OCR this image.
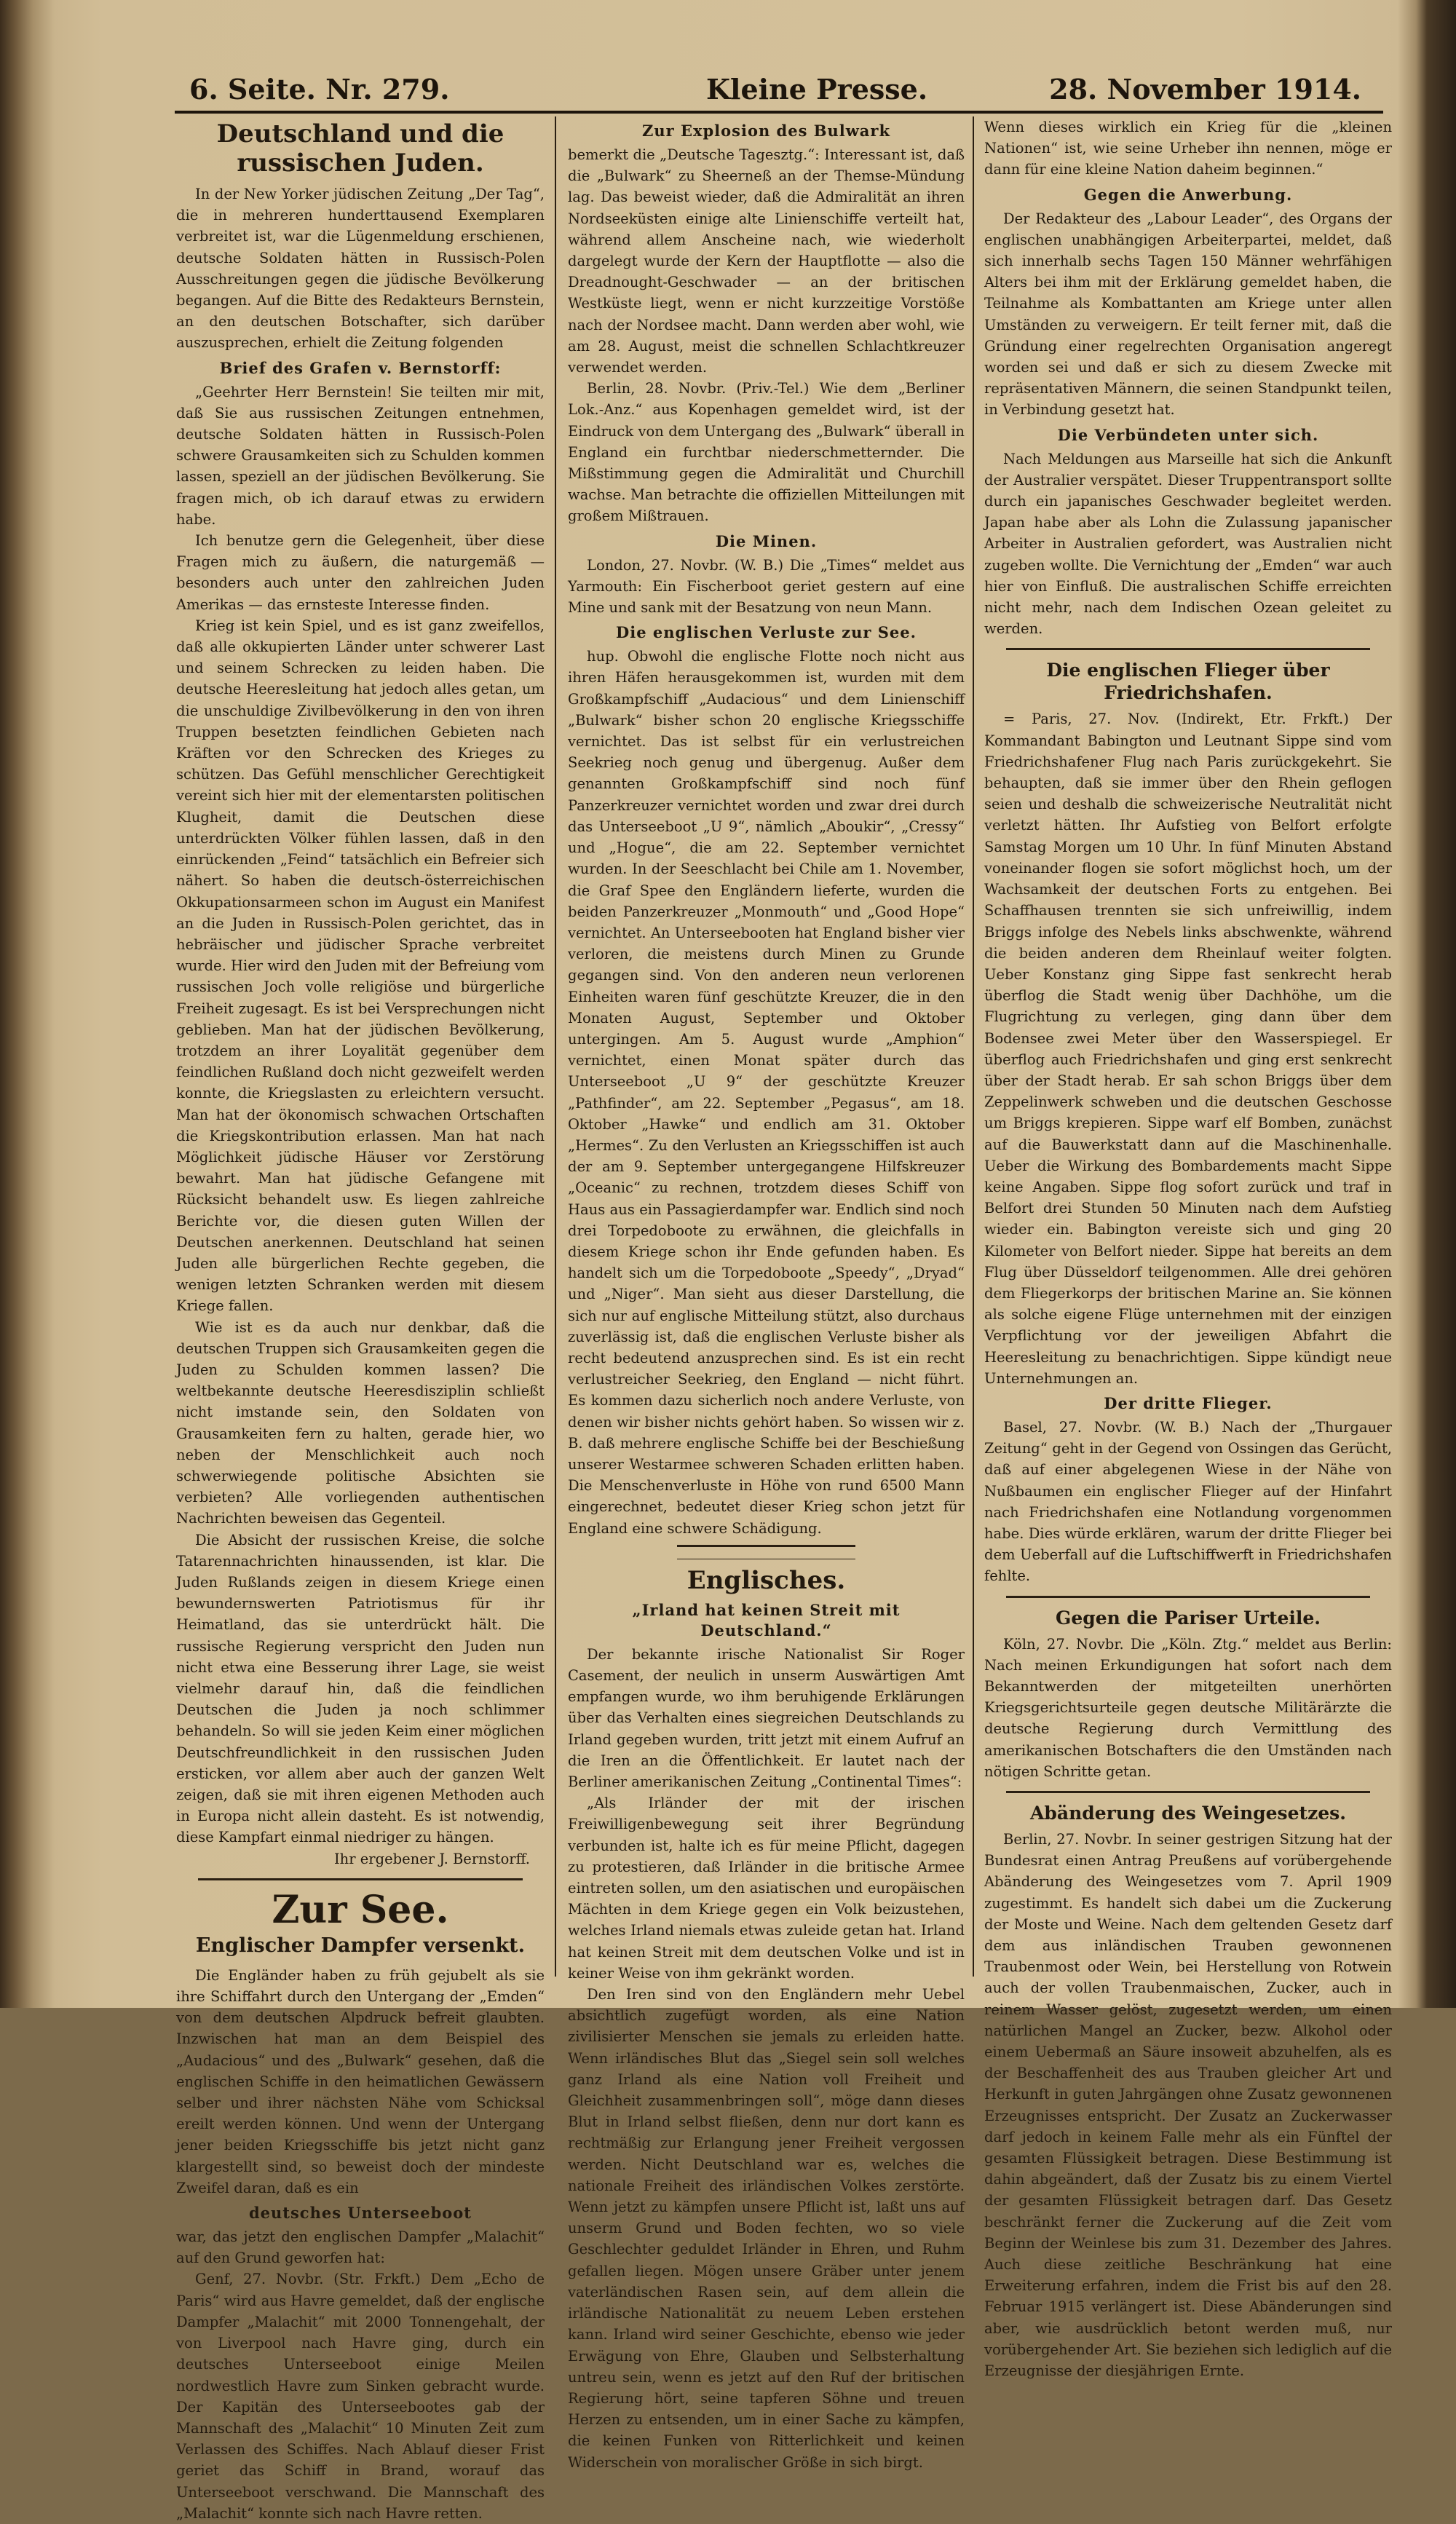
6. Seite. Nr. 279.	Kleine Presse.	28. November 1914.
Deutschland und die russischen Juden.

In der New Yorker jüdischen Zeitung „Der Tag“, die in mehreren hunderttausend Exemplaren verbreitet ist, war die Lügenmeldung erschienen, deutsche Soldaten hätten in Russisch-Polen Ausschreitungen gegen die jüdische Bevölkerung begangen. Auf die Bitte des Redakteurs Bernstein, an den deutschen Botschafter, sich darüber auszusprechen, erhielt die Zeitung folgenden

Brief des Grafen v. Bernstorff:

„Geehrter Herr Bernstein! Sie teilten mir mit, daß Sie aus russischen Zeitungen entnehmen, deutsche Soldaten hätten in Russisch-Polen schwere Grausamkeiten sich zu Schulden kommen lassen, speziell an der jüdischen Bevölkerung. Sie fragen mich, ob ich darauf etwas zu erwidern habe.

Ich benutze gern die Gelegenheit, über diese Fragen mich zu äußern, die naturgemäß — besonders auch unter den zahlreichen Juden Amerikas — das ernsteste Interesse finden.

Krieg ist kein Spiel, und es ist ganz zweifellos, daß alle okkupierten Länder unter schwerer Last und seinem Schrecken zu leiden haben. Die deutsche Heeresleitung hat jedoch alles getan, um die unschuldige Zivilbevölkerung in den von ihren Truppen besetzten feindlichen Gebieten nach Kräften vor den Schrecken des Krieges zu schützen. Das Gefühl menschlicher Gerechtigkeit vereint sich hier mit der elementarsten politischen Klugheit, damit die Deutschen diese unterdrückten Völker fühlen lassen, daß in den einrückenden „Feind“ tatsächlich ein Befreier sich nähert. So haben die deutsch-österreichischen Okkupationsarmeen schon im August ein Manifest an die Juden in Russisch-Polen gerichtet, das in hebräischer und jüdischer Sprache verbreitet wurde. Hier wird den Juden mit der Befreiung vom russischen Joch volle religiöse und bürgerliche Freiheit zugesagt. Es ist bei Versprechungen nicht geblieben. Man hat der jüdischen Bevölkerung, trotzdem an ihrer Loyalität gegenüber dem feindlichen Rußland doch nicht gezweifelt werden konnte, die Kriegslasten zu erleichtern versucht. Man hat der ökonomisch schwachen Ortschaften die Kriegskontribution erlassen. Man hat nach Möglichkeit jüdische Häuser vor Zerstörung bewahrt. Man hat jüdische Gefangene mit Rücksicht behandelt usw. Es liegen zahlreiche Berichte vor, die diesen guten Willen der Deutschen anerkennen. Deutschland hat seinen Juden alle bürgerlichen Rechte gegeben, die wenigen letzten Schranken werden mit diesem Kriege fallen.

Wie ist es da auch nur denkbar, daß die deutschen Truppen sich Grausamkeiten gegen die Juden zu Schulden kommen lassen? Die weltbekannte deutsche Heeresdisziplin schließt nicht imstande sein, den Soldaten von Grausamkeiten fern zu halten, gerade hier, wo neben der Menschlichkeit auch noch schwerwiegende politische Absichten sie verbieten? Alle vorliegenden authentischen Nachrichten beweisen das Gegenteil.

Die Absicht der russischen Kreise, die solche Tatarennachrichten hinaussenden, ist klar. Die Juden Rußlands zeigen in diesem Kriege einen bewundernswerten Patriotismus für ihr Heimatland, das sie unterdrückt hält. Die russische Regierung verspricht den Juden nun nicht etwa eine Besserung ihrer Lage, sie weist vielmehr darauf hin, daß die feindlichen Deutschen die Juden ja noch schlimmer behandeln. So will sie jeden Keim einer möglichen Deutschfreundlichkeit in den russischen Juden ersticken, vor allem aber auch der ganzen Welt zeigen, daß sie mit ihren eigenen Methoden auch in Europa nicht allein dasteht. Es ist notwendig, diese Kampfart einmal niedriger zu hängen.

Ihr ergebener J. Bernstorff.

Zur See.
Englischer Dampfer versenkt.

Die Engländer haben zu früh gejubelt als sie ihre Schiffahrt durch den Untergang der „Emden“ von dem deutschen Alpdruck befreit glaubten. Inzwischen hat man an dem Beispiel des „Audacious“ und des „Bulwark“ gesehen, daß die englischen Schiffe in den heimatlichen Gewässern selber und ihrer nächsten Nähe vom Schicksal ereilt werden können. Und wenn der Untergang jener beiden Kriegsschiffe bis jetzt nicht ganz klargestellt sind, so beweist doch der mindeste Zweifel daran, daß es ein

deutsches Unterseeboot

war, das jetzt den englischen Dampfer „Malachit“ auf den Grund geworfen hat:

Genf, 27. Novbr. (Str. Frkft.) Dem „Echo de Paris“ wird aus Havre gemeldet, daß der englische Dampfer „Malachit“ mit 2000 Tonnengehalt, der von Liverpool nach Havre ging, durch ein deutsches Unterseeboot einige Meilen nordwestlich Havre zum Sinken gebracht wurde. Der Kapitän des Unterseebootes gab der Mannschaft des „Malachit“ 10 Minuten Zeit zum Verlassen des Schiffes. Nach Ablauf dieser Frist geriet das Schiff in Brand, worauf das Unterseeboot verschwand. Die Mannschaft des „Malachit“ konnte sich nach Havre retten.

Zur Explosion des Bulwark

bemerkt die „Deutsche Tagesztg.“: Interessant ist, daß die „Bulwark“ zu Sheerneß an der Themse-Mündung lag. Das beweist wieder, daß die Admiralität an ihren Nordseeküsten einige alte Linienschiffe verteilt hat, während allem Anscheine nach, wie wiederholt dargelegt wurde der Kern der Hauptflotte — also die Dreadnought-Geschwader — an der britischen Westküste liegt, wenn er nicht kurzzeitige Vorstöße nach der Nordsee macht. Dann werden aber wohl, wie am 28. August, meist die schnellen Schlachtkreuzer verwendet werden.

Berlin, 28. Novbr. (Priv.-Tel.) Wie dem „Berliner Lok.-Anz.“ aus Kopenhagen gemeldet wird, ist der Eindruck von dem Untergang des „Bulwark“ überall in England ein furchtbar niederschmetternder. Die Mißstimmung gegen die Admiralität und Churchill wachse. Man betrachte die offiziellen Mitteilungen mit großem Mißtrauen.

Die Minen.

London, 27. Novbr. (W. B.) Die „Times“ meldet aus Yarmouth: Ein Fischerboot geriet gestern auf eine Mine und sank mit der Besatzung von neun Mann.

Die englischen Verluste zur See.

hup. Obwohl die englische Flotte noch nicht aus ihren Häfen herausgekommen ist, wurden mit dem Großkampfschiff „Audacious“ und dem Linienschiff „Bulwark“ bisher schon 20 englische Kriegsschiffe vernichtet. Das ist selbst für ein verlustreichen Seekrieg noch genug und übergenug. Außer dem genannten Großkampfschiff sind noch fünf Panzerkreuzer vernichtet worden und zwar drei durch das Unterseeboot „U 9“, nämlich „Aboukir“, „Cressy“ und „Hogue“, die am 22. September vernichtet wurden. In der Seeschlacht bei Chile am 1. November, die Graf Spee den Engländern lieferte, wurden die beiden Panzerkreuzer „Monmouth“ und „Good Hope“ vernichtet. An Unterseebooten hat England bisher vier verloren, die meistens durch Minen zu Grunde gegangen sind. Von den anderen neun verlorenen Einheiten waren fünf geschützte Kreuzer, die in den Monaten August, September und Oktober untergingen. Am 5. August wurde „Amphion“ vernichtet, einen Monat später durch das Unterseeboot „U 9“ der geschützte Kreuzer „Pathfinder“, am 22. September „Pegasus“, am 18. Oktober „Hawke“ und endlich am 31. Oktober „Hermes“. Zu den Verlusten an Kriegsschiffen ist auch der am 9. September untergegangene Hilfskreuzer „Oceanic“ zu rechnen, trotzdem dieses Schiff von Haus aus ein Passagierdampfer war. Endlich sind noch drei Torpedoboote zu erwähnen, die gleichfalls in diesem Kriege schon ihr Ende gefunden haben. Es handelt sich um die Torpedoboote „Speedy“, „Dryad“ und „Niger“. Man sieht aus dieser Darstellung, die sich nur auf englische Mitteilung stützt, also durchaus zuverlässig ist, daß die englischen Verluste bisher als recht bedeutend anzusprechen sind. Es ist ein recht verlustreicher Seekrieg, den England — nicht führt. Es kommen dazu sicherlich noch andere Verluste, von denen wir bisher nichts gehört haben. So wissen wir z. B. daß mehrere englische Schiffe bei der Beschießung unserer Westarmee schweren Schaden erlitten haben. Die Menschenverluste in Höhe von rund 6500 Mann eingerechnet, bedeutet dieser Krieg schon jetzt für England eine schwere Schädigung.

Englisches.
„Irland hat keinen Streit mit Deutschland.“

Der bekannte irische Nationalist Sir Roger Casement, der neulich in unserm Auswärtigen Amt empfangen wurde, wo ihm beruhigende Erklärungen über das Verhalten eines siegreichen Deutschlands zu Irland gegeben wurden, tritt jetzt mit einem Aufruf an die Iren an die Öffentlichkeit. Er lautet nach der Berliner amerikanischen Zeitung „Continental Times“:

„Als Irländer der mit der irischen Freiwilligenbewegung seit ihrer Begründung verbunden ist, halte ich es für meine Pflicht, dagegen zu protestieren, daß Irländer in die britische Armee eintreten sollen, um den asiatischen und europäischen Mächten in dem Kriege gegen ein Volk beizustehen, welches Irland niemals etwas zuleide getan hat. Irland hat keinen Streit mit dem deutschen Volke und ist in keiner Weise von ihm gekränkt worden.

Den Iren sind von den Engländern mehr Uebel absichtlich zugefügt worden, als eine Nation zivilisierter Menschen sie jemals zu erleiden hatte. Wenn irländisches Blut das „Siegel sein soll welches ganz Irland als eine Nation voll Freiheit und Gleichheit zusammenbringen soll“, möge dann dieses Blut in Irland selbst fließen, denn nur dort kann es rechtmäßig zur Erlangung jener Freiheit vergossen werden. Nicht Deutschland war es, welches die nationale Freiheit des irländischen Volkes zerstörte. Wenn jetzt zu kämpfen unsere Pflicht ist, laßt uns auf unserm Grund und Boden fechten, wo so viele Geschlechter geduldet Irländer in Ehren, und Ruhm gefallen liegen. Mögen unsere Gräber unter jenem vaterländischen Rasen sein, auf dem allein die irländische Nationalität zu neuem Leben erstehen kann. Irland wird seiner Geschichte, ebenso wie jeder Erwägung von Ehre, Glauben und Selbsterhaltung untreu sein, wenn es jetzt auf den Ruf der britischen Regierung hört, seine tapferen Söhne und treuen Herzen zu entsenden, um in einer Sache zu kämpfen, die keinen Funken von Ritterlichkeit und keinen Widerschein von moralischer Größe in sich birgt.

Wenn dieses wirklich ein Krieg für die „kleinen Nationen“ ist, wie seine Urheber ihn nennen, möge er dann für eine kleine Nation daheim beginnen.“

Gegen die Anwerbung.

Der Redakteur des „Labour Leader“, des Organs der englischen unabhängigen Arbeiterpartei, meldet, daß sich innerhalb sechs Tagen 150 Männer wehrfähigen Alters bei ihm mit der Erklärung gemeldet haben, die Teilnahme als Kombattanten am Kriege unter allen Umständen zu verweigern. Er teilt ferner mit, daß die Gründung einer regelrechten Organisation angeregt worden sei und daß er sich zu diesem Zwecke mit repräsentativen Männern, die seinen Standpunkt teilen, in Verbindung gesetzt hat.

Die Verbündeten unter sich.

Nach Meldungen aus Marseille hat sich die Ankunft der Australier verspätet. Dieser Truppentransport sollte durch ein japanisches Geschwader begleitet werden. Japan habe aber als Lohn die Zulassung japanischer Arbeiter in Australien gefordert, was Australien nicht zugeben wollte. Die Vernichtung der „Emden“ war auch hier von Einfluß. Die australischen Schiffe erreichten nicht mehr, nach dem Indischen Ozean geleitet zu werden.

Die englischen Flieger über Friedrichshafen.

= Paris, 27. Nov. (Indirekt, Etr. Frkft.) Der Kommandant Babington und Leutnant Sippe sind vom Friedrichshafener Flug nach Paris zurückgekehrt. Sie behaupten, daß sie immer über den Rhein geflogen seien und deshalb die schweizerische Neutralität nicht verletzt hätten. Ihr Aufstieg von Belfort erfolgte Samstag Morgen um 10 Uhr. In fünf Minuten Abstand voneinander flogen sie sofort möglichst hoch, um der Wachsamkeit der deutschen Forts zu entgehen. Bei Schaffhausen trennten sie sich unfreiwillig, indem Briggs infolge des Nebels links abschwenkte, während die beiden anderen dem Rheinlauf weiter folgten. Ueber Konstanz ging Sippe fast senkrecht herab überflog die Stadt wenig über Dachhöhe, um die Flugrichtung zu verlegen, ging dann über dem Bodensee zwei Meter über den Wasserspiegel. Er überflog auch Friedrichshafen und ging erst senkrecht über der Stadt herab. Er sah schon Briggs über dem Zeppelinwerk schweben und die deutschen Geschosse um Briggs krepieren. Sippe warf elf Bomben, zunächst auf die Bauwerkstatt dann auf die Maschinenhalle. Ueber die Wirkung des Bombardements macht Sippe keine Angaben. Sippe flog sofort zurück und traf in Belfort drei Stunden 50 Minuten nach dem Aufstieg wieder ein. Babington vereiste sich und ging 20 Kilometer von Belfort nieder. Sippe hat bereits an dem Flug über Düsseldorf teilgenommen. Alle drei gehören dem Fliegerkorps der britischen Marine an. Sie können als solche eigene Flüge unternehmen mit der einzigen Verpflichtung vor der jeweiligen Abfahrt die Heeresleitung zu benachrichtigen. Sippe kündigt neue Unternehmungen an.

Der dritte Flieger.

Basel, 27. Novbr. (W. B.) Nach der „Thurgauer Zeitung“ geht in der Gegend von Ossingen das Gerücht, daß auf einer abgelegenen Wiese in der Nähe von Nußbaumen ein englischer Flieger auf der Hinfahrt nach Friedrichshafen eine Notlandung vorgenommen habe. Dies würde erklären, warum der dritte Flieger bei dem Ueberfall auf die Luftschiffwerft in Friedrichshafen fehlte.

Gegen die Pariser Urteile.

Köln, 27. Novbr. Die „Köln. Ztg.“ meldet aus Berlin: Nach meinen Erkundigungen hat sofort nach dem Bekanntwerden der mitgeteilten unerhörten Kriegsgerichtsurteile gegen deutsche Militärärzte die deutsche Regierung durch Vermittlung des amerikanischen Botschafters die den Umständen nach nötigen Schritte getan.

Abänderung des Weingesetzes.

Berlin, 27. Novbr. In seiner gestrigen Sitzung hat der Bundesrat einen Antrag Preußens auf vorübergehende Abänderung des Weingesetzes vom 7. April 1909 zugestimmt. Es handelt sich dabei um die Zuckerung der Moste und Weine. Nach dem geltenden Gesetz darf dem aus inländischen Trauben gewonnenen Traubenmost oder Wein, bei Herstellung von Rotwein auch der vollen Traubenmaischen, Zucker, auch in reinem Wasser gelöst, zugesetzt werden, um einen natürlichen Mangel an Zucker, bezw. Alkohol oder einem Uebermaß an Säure insoweit abzuhelfen, als es der Beschaffenheit des aus Trauben gleicher Art und Herkunft in guten Jahrgängen ohne Zusatz gewonnenen Erzeugnisses entspricht. Der Zusatz an Zuckerwasser darf jedoch in keinem Falle mehr als ein Fünftel der gesamten Flüssigkeit betragen. Diese Bestimmung ist dahin abgeändert, daß der Zusatz bis zu einem Viertel der gesamten Flüssigkeit betragen darf. Das Gesetz beschränkt ferner die Zuckerung auf die Zeit vom Beginn der Weinlese bis zum 31. Dezember des Jahres. Auch diese zeitliche Beschränkung hat eine Erweiterung erfahren, indem die Frist bis auf den 28. Februar 1915 verlängert ist. Diese Abänderungen sind aber, wie ausdrücklich betont werden muß, nur vorübergehender Art. Sie beziehen sich lediglich auf die Erzeugnisse der diesjährigen Ernte.
